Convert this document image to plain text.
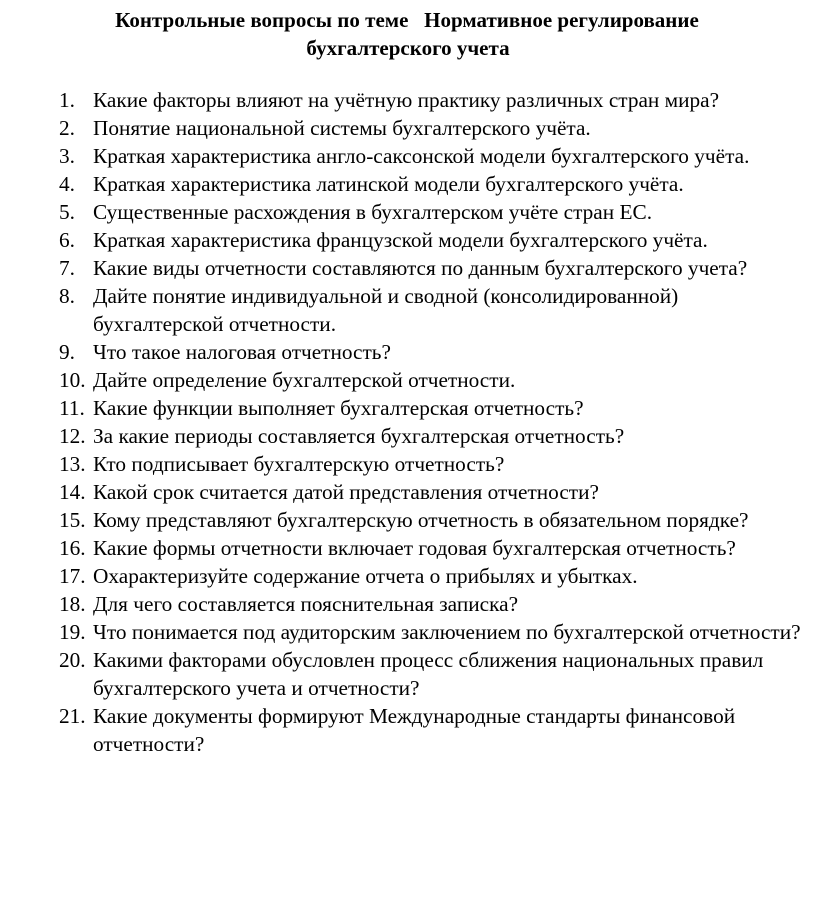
Контрольные вопросы по теме   Нормативное регулирование
бухгалтерского учета
1. Какие факторы влияют на учётную практику различных стран мира?
2. Понятие национальной системы бухгалтерского учёта.
3. Краткая характеристика англо-саксонской модели бухгалтерского учёта.
4. Краткая характеристика латинской модели бухгалтерского учёта.
5. Существенные расхождения в бухгалтерском учёте стран ЕС.
6. Краткая характеристика французской модели бухгалтерского учёта.
7. Какие виды отчетности составляются по данным бухгалтерского учета?
8. Дайте понятие индивидуальной и сводной (консолидированной) бухгалтерской отчетности.
9. Что такое налоговая отчетность?
10. Дайте определение бухгалтерской отчетности.
11. Какие функции выполняет бухгалтерская отчетность?
12. За какие периоды составляется бухгалтерская отчетность?
13. Кто подписывает бухгалтерскую отчетность?
14. Какой срок считается датой представления отчетности?
15. Кому представляют бухгалтерскую отчетность в обязательном порядке?
16. Какие формы отчетности включает годовая бухгалтерская отчетность?
17. Охарактеризуйте содержание отчета о прибылях и убытках.
18. Для чего составляется пояснительная записка?
19. Что понимается под аудиторским заключением по бухгалтерской отчетности?
20. Какими факторами обусловлен процесс сближения национальных правил бухгалтерского учета и отчетности?
21. Какие документы формируют Международные стандарты финансовой отчетности?
